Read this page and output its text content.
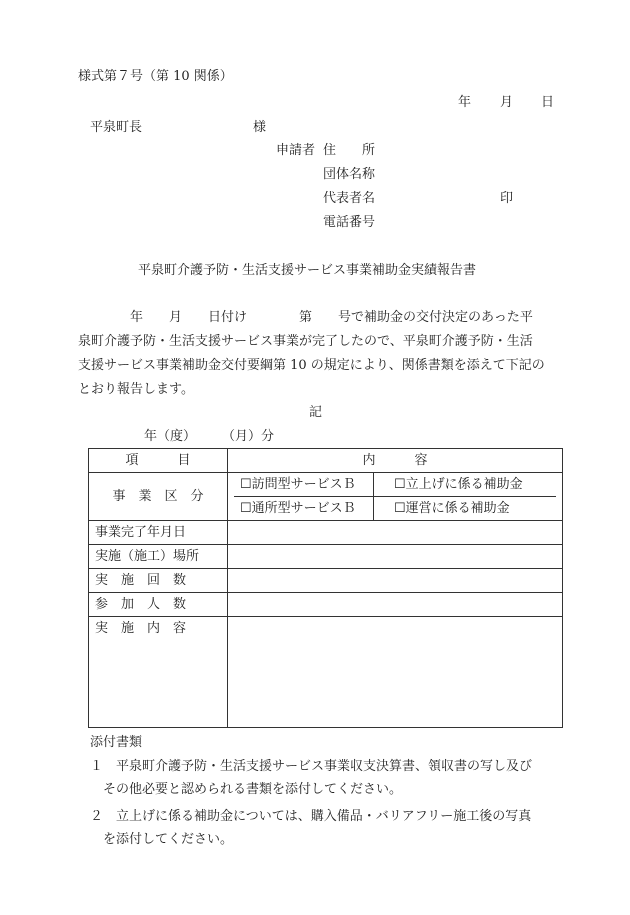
様式第７号（第 10 関係）
年 月 日
平泉町長	様
申請者 住　　所
団体名称
代表者名	印
電話番号
平泉町介護予防・生活支援サービス事業補助金実績報告書
　　　　年　　月　　日付け　　　　第　　号で補助金の交付決定のあった平
泉町介護予防・生活支援サービス事業が完了したので、平泉町介護予防・生活
支援サービス事業補助金交付要綱第 10 の規定により、関係書類を添えて下記の
とおり報告します。
記
年（度）　　　（月）分
項　　　目	内　　　容
事　業　区　分	☐訪問型サービスＢ ☐立上げに係る補助金
☐通所型サービスＢ ☐運営に係る補助金

事業完了年月日	
実施（施工）場所	
実　施　回　数	
参　加　人　数	
実　施　内　容	
添付書類
１　平泉町介護予防・生活支援サービス事業収支決算書、領収書の写し及び
　その他必要と認められる書類を添付してください。
２　立上げに係る補助金については、購入備品・バリアフリー施工後の写真
　を添付してください。
